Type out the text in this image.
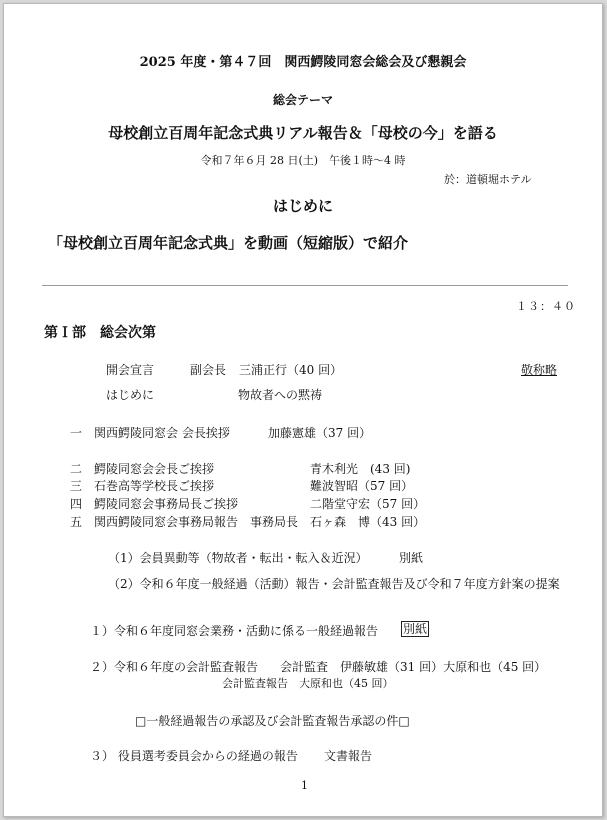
2025 年度・第４７回　関西鰐陵同窓会総会及び懇親会
総会テーマ
母校創立百周年記念式典リアル報告＆「母校の今」を語る
令和７年６月 28 日(土)　午後１時〜4 時
於：道頓堀ホテル
はじめに
「母校創立百周年記念式典」を動画（短縮版）で紹介
１３：４０
第Ｉ部　総会次第
開会宣言	副会長 三浦正行（40 回）	敬称略
はじめに	物故者への黙祷
一 関西鰐陵同窓会 会長挨拶	加藤憲雄（37 回）
二 鰐陵同窓会会長ご挨拶	青木利光　(43 回)
三 石巻高等学校長ご挨拶	難波智昭（57 回）
四 鰐陵同窓会事務局長ご挨拶	二階堂守宏（57 回）
五 関西鰐陵同窓会事務局報告　事務局長 石ヶ森　博（43 回）
（1）会員異動等（物故者・転出・転入＆近況）	別紙
（2）令和６年度一般経過（活動）報告・会計監査報告及び令和７年度方針案の提案
１）令和６年度同窓会業務・活動に係る一般経過報告 別紙
２）令和６年度の会計監査報告 会計監査　伊藤敏雄（31 回）大原和也（45 回）
会計監査報告　大原和也（45 回）
□一般経過報告の承認及び会計監査報告承認の件□
３） 役員選考委員会からの経過の報告 文書報告
1
